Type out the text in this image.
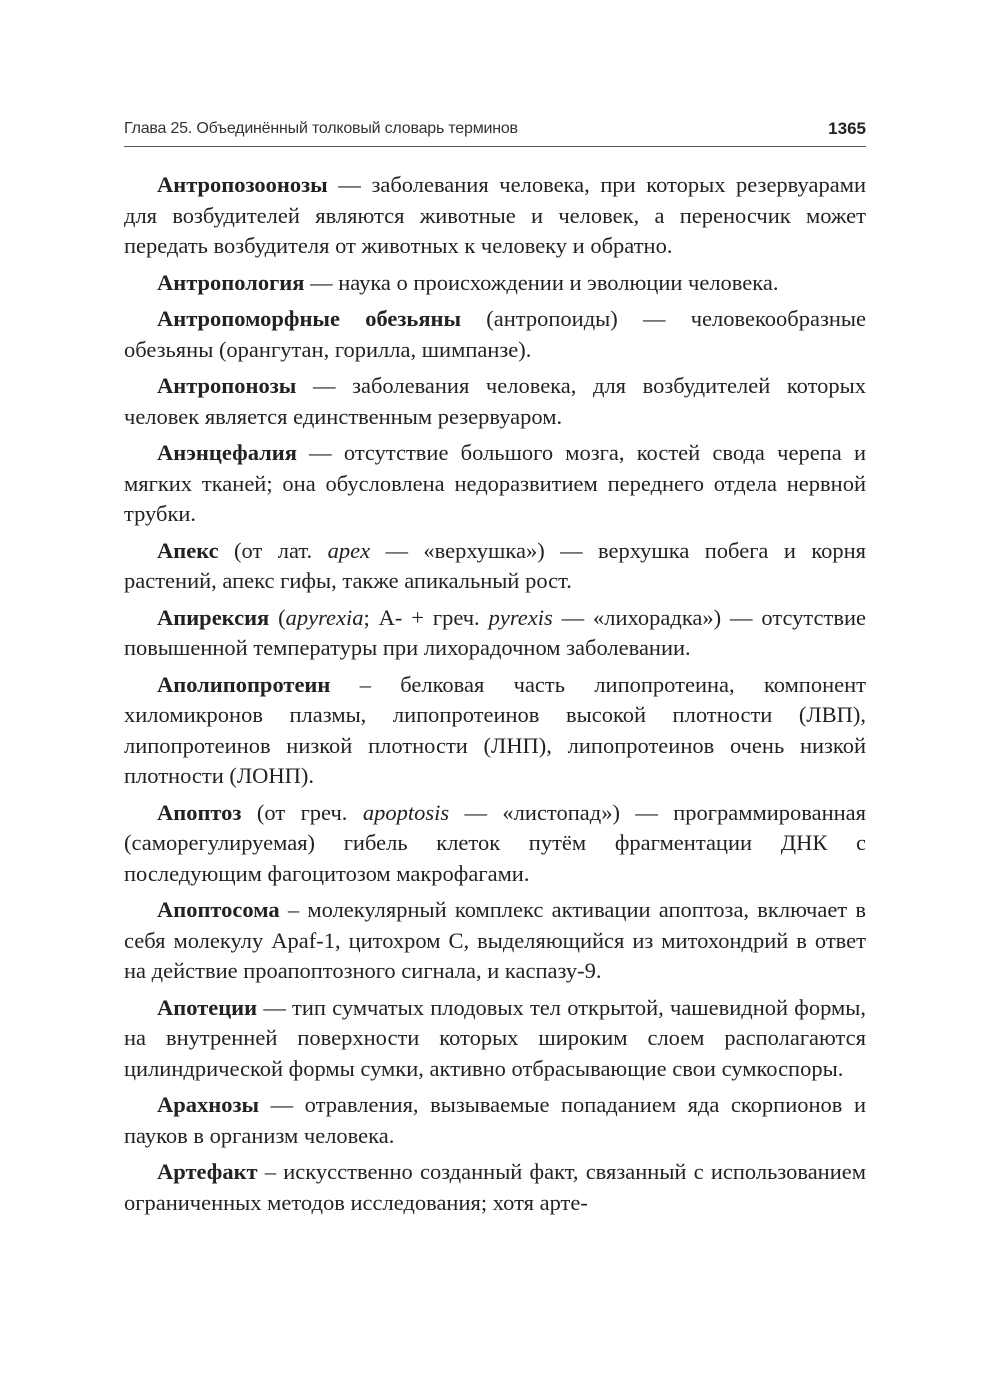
Глава 25. Объединённый толковый словарь терминов	1365

Антропозоонозы — заболевания человека, при которых резервуарами для возбудителей являются животные и человек, а переносчик может передать возбудителя от животных к человеку и обратно.

Антропология — наука о происхождении и эволюции человека.

Антропоморфные обезьяны (антропоиды) — человекообразные обезьяны (орангутан, горилла, шимпанзе).

Антропонозы — заболевания человека, для возбудителей которых человек является единственным резервуаром.

Анэнцефалия — отсутствие большого мозга, костей свода черепа и мягких тканей; она обусловлена недоразвитием переднего отдела нервной трубки.

Апекс (от лат. apex — «верхушка») — верхушка побега и корня растений, апекс гифы, также апикальный рост.

Апирексия (apyrexia; А- + греч. pyrexis — «лихорадка») — отсутствие повышенной температуры при лихорадочном заболевании.

Аполипопротеин – белковая часть липопротеина, компонент хиломикронов плазмы, липопротеинов высокой плотности (ЛВП), липопротеинов низкой плотности (ЛНП), липопротеинов очень низкой плотности (ЛОНП).

Апоптоз (от греч. apoptosis — «листопад») — программированная (саморегулируемая) гибель клеток путём фрагментации ДНК с последующим фагоцитозом макрофагами.

Апоптосома – молекулярный комплекс активации апоптоза, включает в себя молекулу Apaf-1, цитохром С, выделяющийся из митохондрий в ответ на действие проапоптозного сигнала, и каспазу-9.

Апотеции — тип сумчатых плодовых тел открытой, чашевидной формы, на внутренней поверхности которых широким слоем располагаются цилиндрической формы сумки, активно отбрасывающие свои сумкоспоры.

Арахнозы — отравления, вызываемые попаданием яда скорпионов и пауков в организм человека.

Артефакт – искусственно созданный факт, связанный с использованием ограниченных методов исследования; хотя арте-
